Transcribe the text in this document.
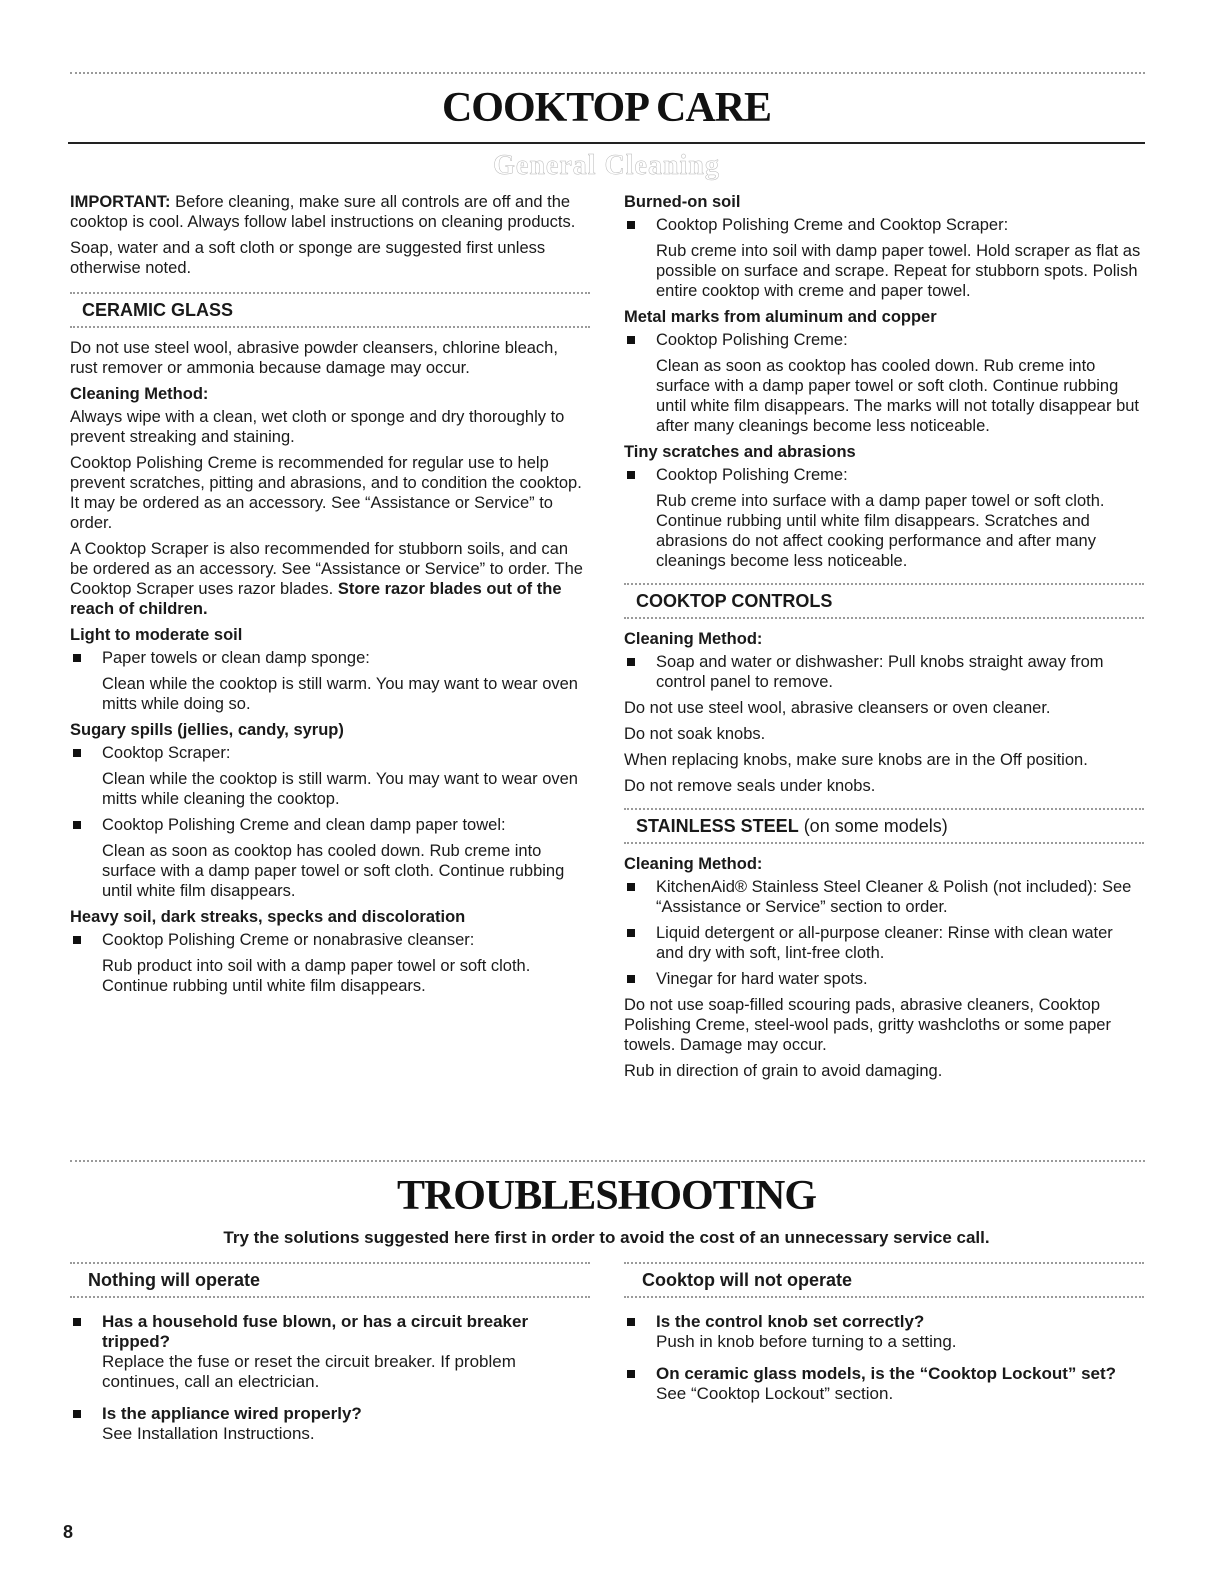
COOKTOP CARE
General Cleaning

IMPORTANT: Before cleaning, make sure all controls are off and the cooktop is cool. Always follow label instructions on cleaning products.

Soap, water and a soft cloth or sponge are suggested first unless otherwise noted.

CERAMIC GLASS

Do not use steel wool, abrasive powder cleansers, chlorine bleach, rust remover or ammonia because damage may occur.

Cleaning Method:

Always wipe with a clean, wet cloth or sponge and dry thoroughly to prevent streaking and staining.

Cooktop Polishing Creme is recommended for regular use to help prevent scratches, pitting and abrasions, and to condition the cooktop. It may be ordered as an accessory. See “Assistance or Service” to order.

A Cooktop Scraper is also recommended for stubborn soils, and can be ordered as an accessory. See “Assistance or Service” to order. The Cooktop Scraper uses razor blades. Store razor blades out of the reach of children.

Light to moderate soil
Paper towels or clean damp sponge:

Clean while the cooktop is still warm. You may want to wear oven mitts while doing so.

Sugary spills (jellies, candy, syrup)
Cooktop Scraper:

Clean while the cooktop is still warm. You may want to wear oven mitts while cleaning the cooktop.

Cooktop Polishing Creme and clean damp paper towel:

Clean as soon as cooktop has cooled down. Rub creme into surface with a damp paper towel or soft cloth. Continue rubbing until white film disappears.

Heavy soil, dark streaks, specks and discoloration
Cooktop Polishing Creme or nonabrasive cleanser:

Rub product into soil with a damp paper towel or soft cloth. Continue rubbing until white film disappears.

Burned-on soil
Cooktop Polishing Creme and Cooktop Scraper:

Rub creme into soil with damp paper towel. Hold scraper as flat as possible on surface and scrape. Repeat for stubborn spots. Polish entire cooktop with creme and paper towel.

Metal marks from aluminum and copper
Cooktop Polishing Creme:

Clean as soon as cooktop has cooled down. Rub creme into surface with a damp paper towel or soft cloth. Continue rubbing until white film disappears. The marks will not totally disappear but after many cleanings become less noticeable.

Tiny scratches and abrasions
Cooktop Polishing Creme:

Rub creme into surface with a damp paper towel or soft cloth. Continue rubbing until white film disappears. Scratches and abrasions do not affect cooking performance and after many cleanings become less noticeable.

COOKTOP CONTROLS
Cleaning Method:
Soap and water or dishwasher: Pull knobs straight away from control panel to remove.

Do not use steel wool, abrasive cleansers or oven cleaner.

Do not soak knobs.

When replacing knobs, make sure knobs are in the Off position.

Do not remove seals under knobs.

STAINLESS STEEL (on some models)
Cleaning Method:
KitchenAid® Stainless Steel Cleaner & Polish (not included): See “Assistance or Service” section to order.
Liquid detergent or all-purpose cleaner: Rinse with clean water and dry with soft, lint-free cloth.
Vinegar for hard water spots.

Do not use soap-filled scouring pads, abrasive cleaners, Cooktop Polishing Creme, steel-wool pads, gritty washcloths or some paper towels. Damage may occur.

Rub in direction of grain to avoid damaging.

TROUBLESHOOTING
Try the solutions suggested here first in order to avoid the cost of an unnecessary service call.
Nothing will operate
Has a household fuse blown, or has a circuit breaker tripped?
Replace the fuse or reset the circuit breaker. If problem continues, call an electrician.
Is the appliance wired properly?
See Installation Instructions.
Cooktop will not operate
Is the control knob set correctly?
Push in knob before turning to a setting.
On ceramic glass models, is the “Cooktop Lockout” set?
See “Cooktop Lockout” section.
8
